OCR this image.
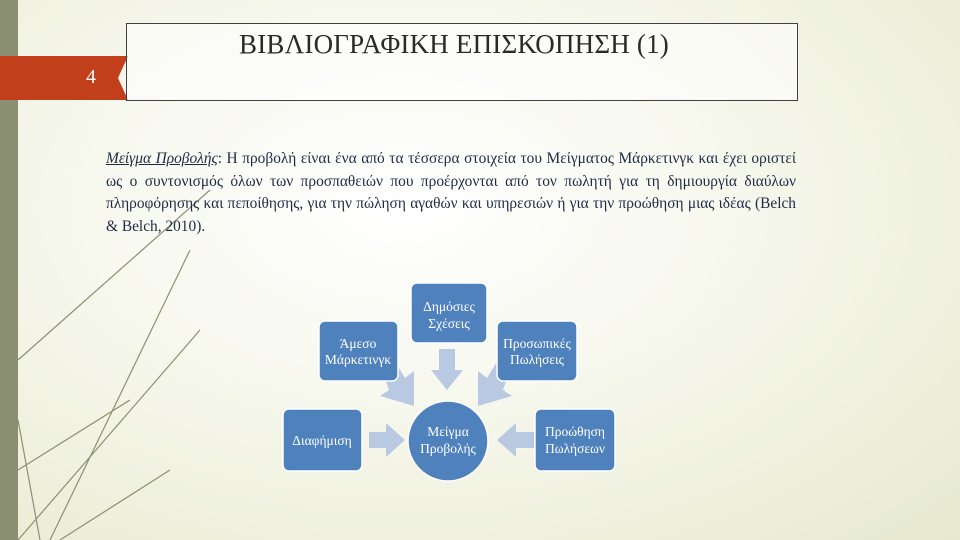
4
ΒΙΒΛΙΟΓΡΑΦΙΚΗ ΕΠΙΣΚΟΠΗΣΗ (1)
Μείγμα Προβολής: Η προβολή είναι ένα από τα τέσσερα στοιχεία του Μείγματος Μάρκετινγκ και έχει οριστεί ως ο συντονισμός όλων των προσπαθειών που προέρχονται από τον πωλητή για τη δημιουργία διαύλων πληροφόρησης και πεποίθησης, για την πώληση αγαθών και υπηρεσιών ή για την προώθηση μιας ιδέας (Belch & Belch, 2010).
Δημόσιες
Σχέσεις
Άμεσο
Μάρκετινγκ
Προσωπικές
Πωλήσεις
Διαφήμιση
Προώθηση
Πωλήσεων
Μείγμα
Προβολής
